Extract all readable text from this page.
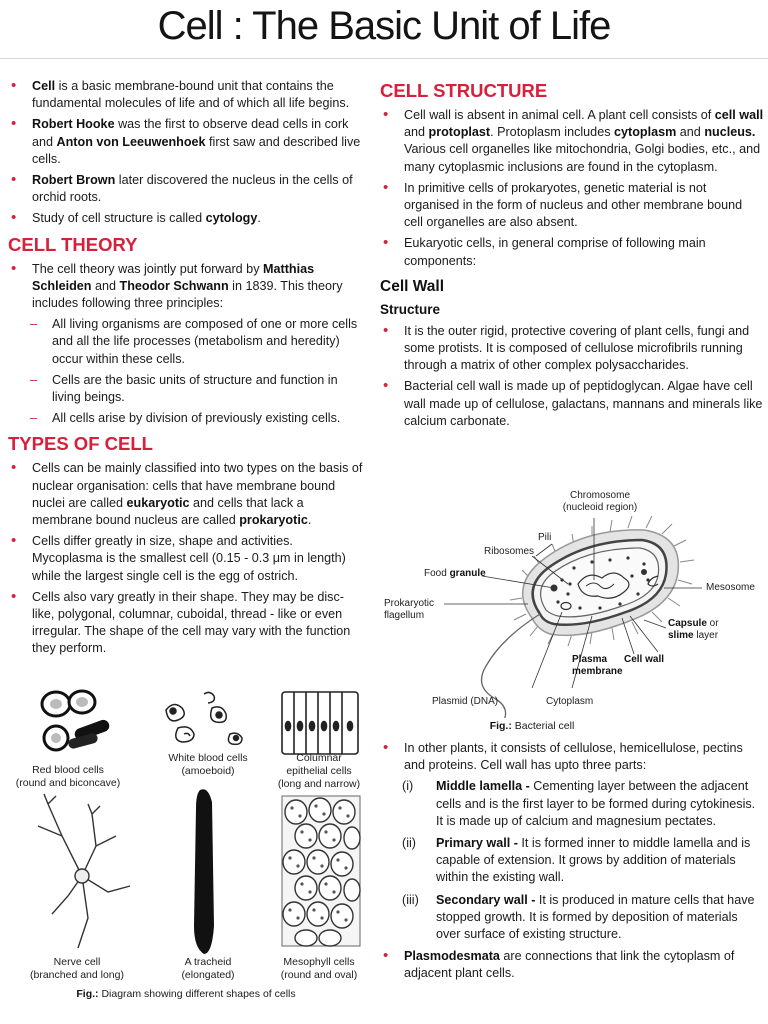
Cell : The Basic Unit of Life
• Cell is a basic membrane-bound unit that contains the fundamental molecules of life and of which all life begins.
• Robert Hooke was the first to observe dead cells in cork and Anton von Leeuwenhoek first saw and described live cells.
• Robert Brown later discovered the nucleus in the cells of orchid roots.
• Study of cell structure is called cytology.
CELL THEORY
• The cell theory was jointly put forward by Matthias Schleiden and Theodor Schwann in 1839. This theory includes following three principles:
– All living organisms are composed of one or more cells and all the life processes (metabolism and heredity) occur within these cells.
– Cells are the basic units of structure and function in living beings.
– All cells arise by division of previously existing cells.
TYPES OF CELL
• Cells can be mainly classified into two types on the basis of nuclear organisation: cells that have membrane bound nuclei are called eukaryotic and cells that lack a membrane bound nucleus are called prokaryotic.
• Cells differ greatly in size, shape and activities. Mycoplasma is the smallest cell (0.15 - 0.3 μm in length) while the largest single cell is the egg of ostrich.
• Cells also vary greatly in their shape. They may be disc-like, polygonal, columnar, cuboidal, thread - like or even irregular. The shape of the cell may vary with the function they perform.
Red blood cells
(round and biconcave)
White blood cells
(amoeboid)
Columnar
epithelial cells
(long and narrow)
Nerve cell
(branched and long)
A tracheid
(elongated)
Mesophyll cells
(round and oval)
Fig.: Diagram showing different shapes of cells
CELL STRUCTURE
• Cell wall is absent in animal cell. A plant cell consists of cell wall and protoplast. Protoplasm includes cytoplasm and nucleus. Various cell organelles like mitochondria, Golgi bodies, etc., and many cytoplasmic inclusions are found in the cytoplasm.
• In primitive cells of prokaryotes, genetic material is not organised in the form of nucleus and other membrane bound cell organelles are also absent.
• Eukaryotic cells, in general comprise of following main components:
Cell Wall
Structure
• It is the outer rigid, protective covering of plant cells, fungi and some protists. It is composed of cellulose microfibrils running through a matrix of other complex polysaccharides.
• Bacterial cell wall is made up of peptidoglycan. Algae have cell wall made up of cellulose, galactans, mannans and minerals like calcium carbonate.
Chromosome
(nucleoid region)
Pili
Ribosomes
Food granule
Mesosome
Prokaryotic
flagellum
Capsule or
slime layer
Plasma
membrane
Cell wall
Plasmid (DNA)	Cytoplasm
Fig.: Bacterial cell
• In other plants, it consists of cellulose, hemicellulose, pectins and proteins. Cell wall has upto three parts:
(i) Middle lamella - Cementing layer between the adjacent cells and is the first layer to be formed during cytokinesis. It is made up of calcium and magnesium pectates.
(ii) Primary wall - It is formed inner to middle lamella and is capable of extension. It grows by addition of materials within the existing wall.
(iii) Secondary wall - It is produced in mature cells that have stopped growth. It is formed by deposition of materials over surface of existing structure.
• Plasmodesmata are connections that link the cytoplasm of adjacent plant cells.
